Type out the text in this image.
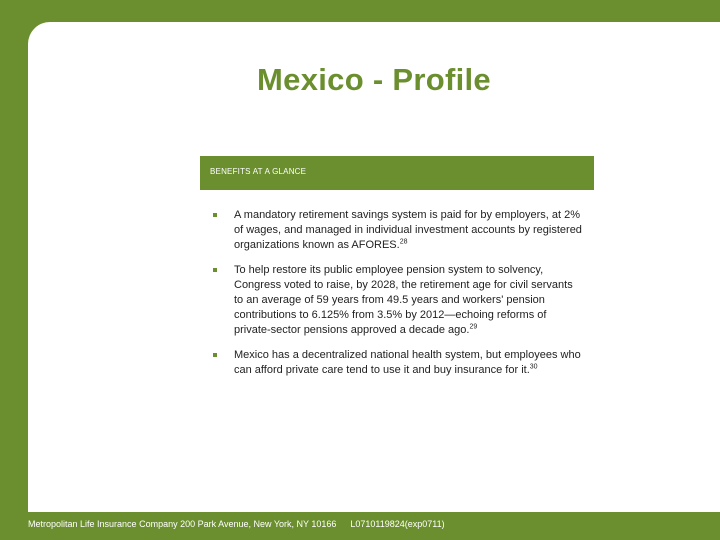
Mexico - Profile
BENEFITS AT A GLANCE
A mandatory retirement savings system is paid for by employers, at 2% of wages, and managed in individual investment accounts by registered organizations known as AFORES.$^{28}$
To help restore its public employee pension system to solvency, Congress voted to raise, by 2028, the retirement age for civil servants to an average of 59 years from 49.5 years and workers' pension contributions to 6.125% from 3.5% by 2012—echoing reforms of private-sector pensions approved a decade ago.$^{29}$
Mexico has a decentralized national health system, but employees who can afford private care tend to use it and buy insurance for it.$^{30}$
Metropolitan Life Insurance Company 200 Park Avenue, New York, NY 10166 L0710119824(exp0711)
